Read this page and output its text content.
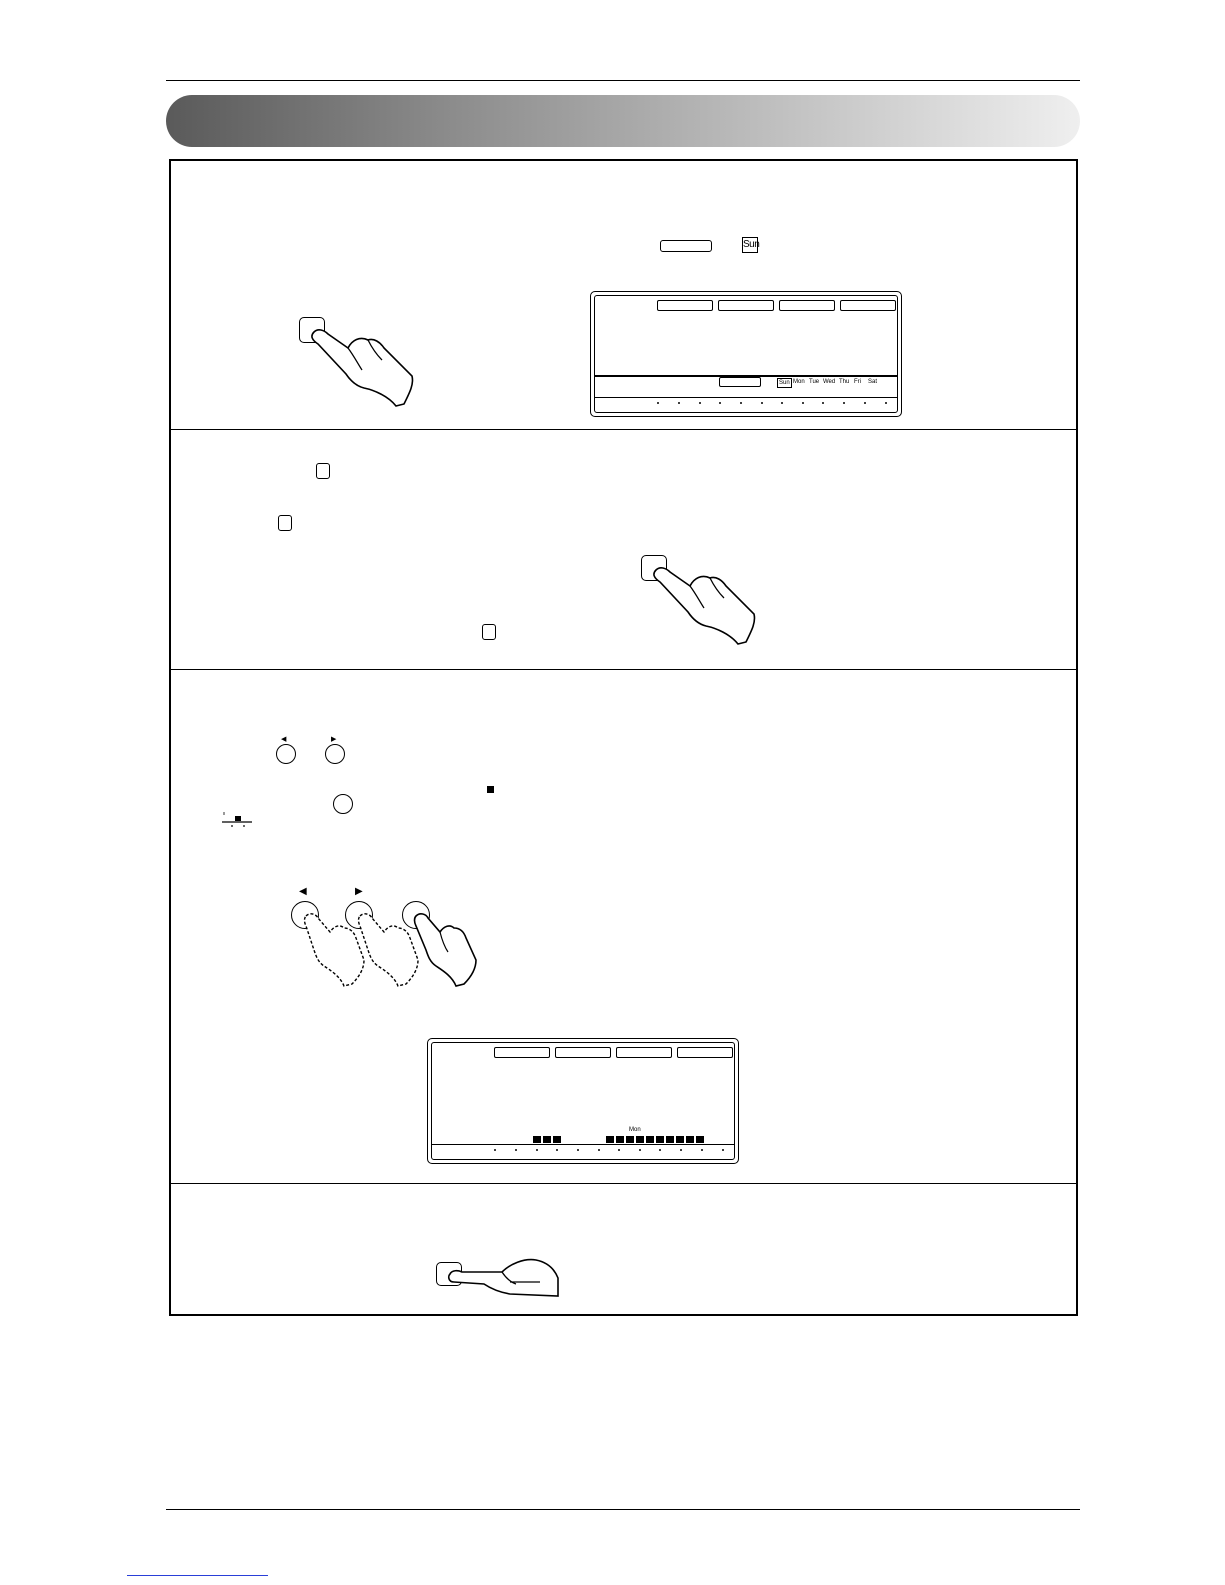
Sun
Sun Mon Tue Wed Thu Fri Sat
◀	▶
◀	▶
Mon
